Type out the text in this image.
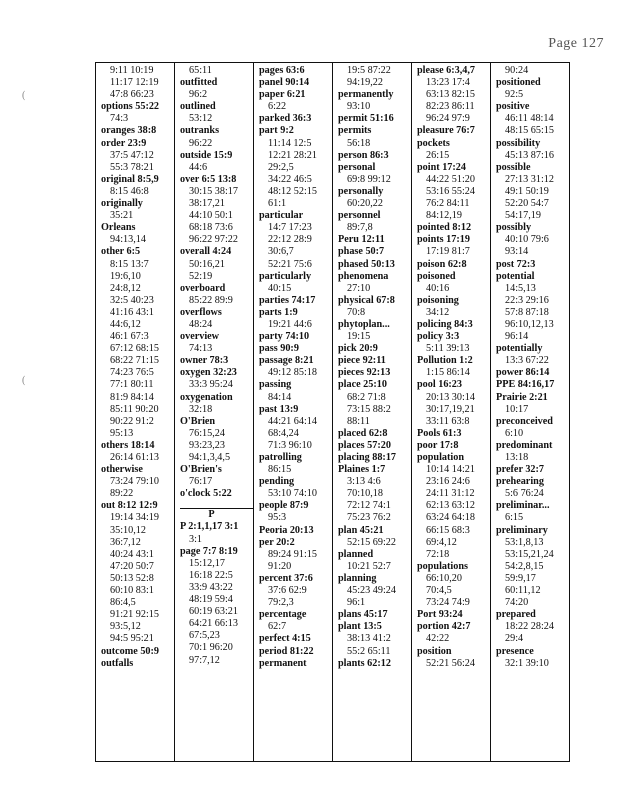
Page 127
(
(
9:11 10:19
11:17 12:19
47:8 66:23
options 55:22
74:3
oranges 38:8
order 23:9
37:5 47:12
55:3 78:21
original 8:5,9
8:15 46:8
originally
35:21
Orleans
94:13,14
other 6:5
8:15 13:7
19:6,10
24:8,12
32:5 40:23
41:16 43:1
44:6,12
46:1 67:3
67:12 68:15
68:22 71:15
74:23 76:5
77:1 80:11
81:9 84:14
85:11 90:20
90:22 91:2
95:13
others 18:14
26:14 61:13
otherwise
73:24 79:10
89:22
out 8:12 12:9
19:14 34:19
35:10,12
36:7,12
40:24 43:1
47:20 50:7
50:13 52:8
60:10 83:1
86:4,5
91:21 92:15
93:5,12
94:5 95:21
outcome 50:9
outfalls
65:11
outfitted
96:2
outlined
53:12
outranks
96:22
outside 15:9
44:6
over 6:5 13:8
30:15 38:17
38:17,21
44:10 50:1
68:18 73:6
96:22 97:22
overall 4:24
50:16,21
52:19
overboard
85:22 89:9
overflows
48:24
overview
74:13
owner 78:3
oxygen 32:23
33:3 95:24
oxygenation
32:18
O'Brien
76:15,24
93:23,23
94:1,3,4,5
O'Brien's
76:17
o'clock 5:22
P
P 2:1,1,17 3:1
3:1
page 7:7 8:19
15:12,17
16:18 22:5
33:9 43:22
48:19 59:4
60:19 63:21
64:21 66:13
67:5,23
70:1 96:20
97:7,12
pages 63:6
panel 90:14
paper 6:21
6:22
parked 36:3
part 9:2
11:14 12:5
12:21 28:21
29:2,5
34:22 46:5
48:12 52:15
61:1
particular
14:7 17:23
22:12 28:9
30:6,7
52:21 75:6
particularly
40:15
parties 74:17
parts 1:9
19:21 44:6
party 74:10
pass 90:9
passage 8:21
49:12 85:18
passing
84:14
past 13:9
44:21 64:14
68:4,24
71:3 96:10
patrolling
86:15
pending
53:10 74:10
people 87:9
95:3
Peoria 20:13
per 20:2
89:24 91:15
91:20
percent 37:6
37:6 62:9
79:2,3
percentage
62:7
perfect 4:15
period 81:22
permanent
19:5 87:22
94:19,22
permanently
93:10
permit 51:16
permits
56:18
person 86:3
personal
69:8 99:12
personally
60:20,22
personnel
89:7,8
Peru 12:11
phase 50:7
phased 50:13
phenomena
27:10
physical 67:8
70:8
phytoplan...
19:15
pick 20:9
piece 92:11
pieces 92:13
place 25:10
68:2 71:8
73:15 88:2
88:11
placed 62:8
places 57:20
placing 88:17
Plaines 1:7
3:13 4:6
70:10,18
72:12 74:1
75:23 76:2
plan 45:21
52:15 69:22
planned
10:21 52:7
planning
45:23 49:24
96:1
plans 45:17
plant 13:5
38:13 41:2
55:2 65:11
plants 62:12
please 6:3,4,7
13:23 17:4
63:13 82:15
82:23 86:11
96:24 97:9
pleasure 76:7
pockets
26:15
point 17:24
44:22 51:20
53:16 55:24
76:2 84:11
84:12,19
pointed 8:12
points 17:19
17:19 81:7
poison 62:8
poisoned
40:16
poisoning
34:12
policing 84:3
policy 3:3
5:11 39:13
Pollution 1:2
1:15 86:14
pool 16:23
20:13 30:14
30:17,19,21
33:11 63:8
Pools 61:3
poor 17:8
population
10:14 14:21
23:16 24:6
24:11 31:12
62:13 63:12
63:24 64:18
66:15 68:3
69:4,12
72:18
populations
66:10,20
70:4,5
73:24 74:9
Port 93:24
portion 42:7
42:22
position
52:21 56:24
90:24
positioned
92:5
positive
46:11 48:14
48:15 65:15
possibility
45:13 87:16
possible
27:13 31:12
49:1 50:19
52:20 54:7
54:17,19
possibly
40:10 79:6
93:14
post 72:3
potential
14:5,13
22:3 29:16
57:8 87:18
96:10,12,13
96:14
potentially
13:3 67:22
power 86:14
PPE 84:16,17
Prairie 2:21
10:17
preconceived
6:10
predominant
13:18
prefer 32:7
prehearing
5:6 76:24
preliminar...
6:15
preliminary
53:1,8,13
53:15,21,24
54:2,8,15
59:9,17
60:11,12
74:20
prepared
18:22 28:24
29:4
presence
32:1 39:10
